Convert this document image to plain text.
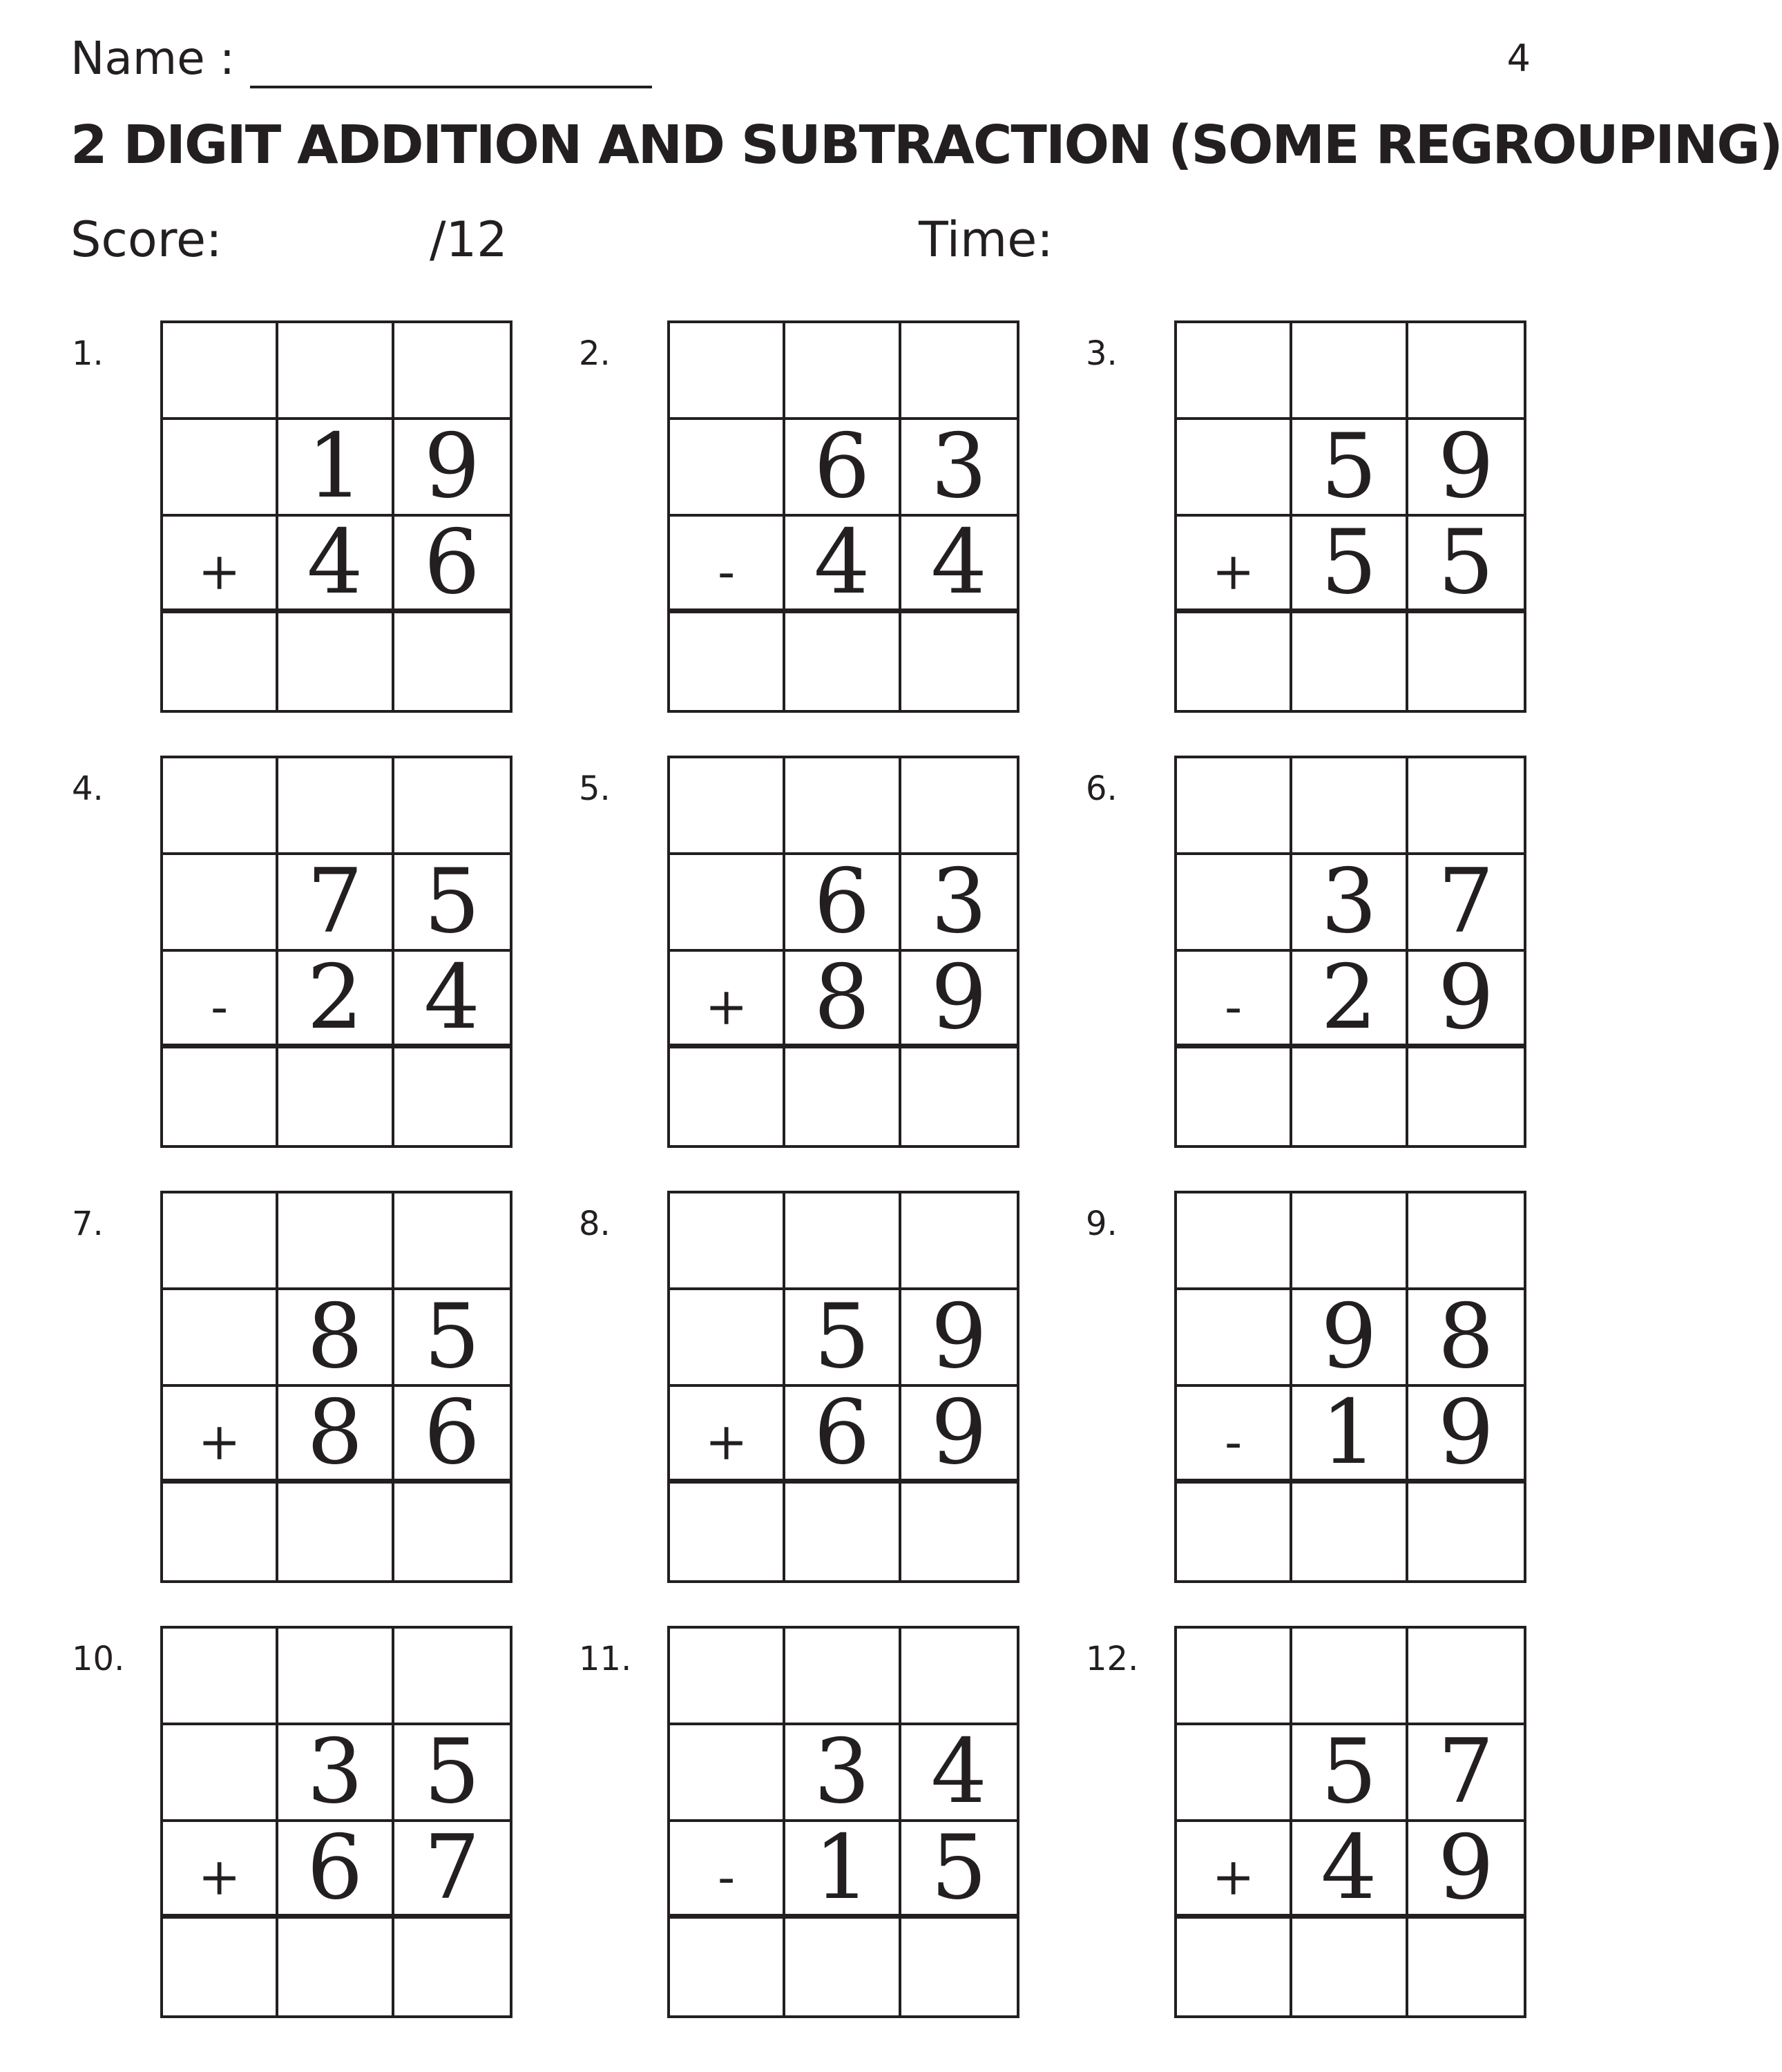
Name :	4
2 DIGIT ADDITION AND SUBTRACTION (SOME REGROUPING)
Score:	/12	Time:
1.
1 9
+ 4 6
2.
6 3
- 4 4
3.
5 9
+ 5 5
4.
7 5
- 2 4
5.
6 3
+ 8 9
6.
3 7
- 2 9
7.
8 5
+ 8 6
8.
5 9
+ 6 9
9.
9 8
- 1 9
10.
3 5
+ 6 7
11.
3 4
- 1 5
12.
5 7
+ 4 9
